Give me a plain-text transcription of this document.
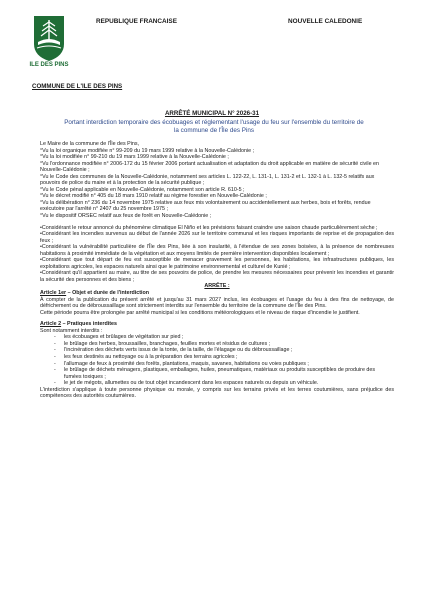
ILE DES PINS
REPUBLIQUE FRANCAISE	NOUVELLE CALEDONIE
COMMUNE DE L'ILE DES PINS
ARRÊTÉ MUNICIPAL N° 2026-31
Portant interdiction temporaire des écobuages et réglementant l'usage du feu sur l'ensemble du territoire de
la commune de l'Île des Pins

Le Maire de la commune de l'Île des Pins,

°Vu la loi organique modifiée n° 99-209 du 19 mars 1999 relative à la Nouvelle-Calédonie ;

°Vu la loi modifiée n° 99-210 du 19 mars 1999 relative à la Nouvelle-Calédonie ;

°Vu l'ordonnance modifiée n° 2006-172 du 15 février 2006 portant actualisation et adaptation du droit applicable en matière de sécurité civile en Nouvelle-Calédonie ;

°Vu le Code des communes de la Nouvelle-Calédonie, notamment ses articles L. 122-22, L. 131-1, L. 131-2 et L. 132-1 à L. 132-5 relatifs aux pouvoirs de police du maire et à la protection de la sécurité publique ;

°Vu le Code pénal applicable en Nouvelle-Calédonie, notamment son article R. 610-5 ;

°Vu le décret modifié n° 405 du 18 mars 1910 relatif au régime forestier en Nouvelle-Calédonie ;

°Vu la délibération n° 236 du 14 novembre 1975 relative aux feux mis volontairement ou accidentellement aux herbes, bois et forêts, rendue exécutoire par l'arrêté n° 2407 du 25 novembre 1975 ;

°Vu le dispositif ORSEC relatif aux feux de forêt en Nouvelle-Calédonie ;

•Considérant le retour annoncé du phénomène climatique El Niño et les prévisions faisant craindre une saison chaude particulièrement sèche ;

•Considérant les incendies survenus au début de l'année 2026 sur le territoire communal et les risques importants de reprise et de propagation des feux ;

•Considérant la vulnérabilité particulière de l'Île des Pins, liée à son insularité, à l'étendue de ses zones boisées, à la présence de nombreuses habitations à proximité immédiate de la végétation et aux moyens limités de première intervention disponibles localement ;

•Considérant que tout départ de feu est susceptible de menacer gravement les personnes, les habitations, les infrastructures publiques, les exploitations agricoles, les espaces naturels ainsi que le patrimoine environnemental et culturel de Kunié ;

•Considérant qu'il appartient au maire, au titre de ses pouvoirs de police, de prendre les mesures nécessaires pour prévenir les incendies et garantir la sécurité des personnes et des biens ;

ARRÊTE :

Article 1er – Objet et durée de l'interdiction

À compter de la publication du présent arrêté et jusqu'au 31 mars 2027 inclus, les écobuages et l'usage du feu à des fins de nettoyage, de défrichement ou de débroussaillage sont strictement interdits sur l'ensemble du territoire de la commune de l'Île des Pins.

Cette période pourra être prolongée par arrêté municipal si les conditions météorologiques et le niveau de risque d'incendie le justifient.

Article 2 – Pratiques interdites

Sont notamment interdits :

- les écobuages et brûlages de végétation sur pied ;
- le brûlage des herbes, broussailles, branchages, feuilles mortes et résidus de cultures ;
- l'incinération des déchets verts issus de la tonte, de la taille, de l'élagage ou du débroussaillage ;
- les feux destinés au nettoyage ou à la préparation des terrains agricoles ;
- l'allumage de feux à proximité des forêts, plantations, maquis, savanes, habitations ou voies publiques ;
- le brûlage de déchets ménagers, plastiques, emballages, huiles, pneumatiques, matériaux ou produits susceptibles de produire des fumées toxiques ;
- le jet de mégots, allumettes ou de tout objet incandescent dans les espaces naturels ou depuis un véhicule.

L'interdiction s'applique à toute personne physique ou morale, y compris sur les terrains privés et les terres coutumières, sans préjudice des compétences des autorités coutumières.
